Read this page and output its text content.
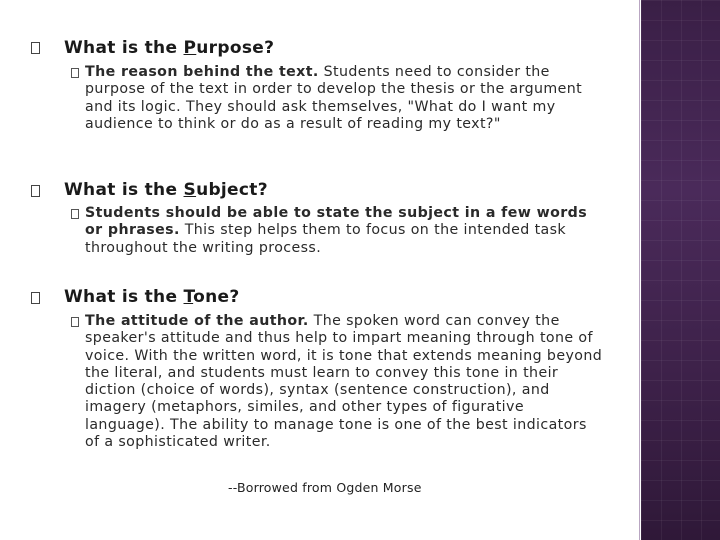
What is the Purpose?
The reason behind the text. Students need to consider the purpose of the text in order to develop the thesis or the argument and its logic. They should ask themselves, "What do I want my audience to think or do as a result of reading my text?"
What is the Subject?
Students should be able to state the subject in a few words or phrases. This step helps them to focus on the intended task throughout the writing process.
What is the Tone?
The attitude of the author. The spoken word can convey the speaker's attitude and thus help to impart meaning through tone of voice. With the written word, it is tone that extends meaning beyond the literal, and students must learn to convey this tone in their diction (choice of words), syntax (sentence construction), and imagery (metaphors, similes, and other types of figurative language). The ability to manage tone is one of the best indicators of a sophisticated writer.
--Borrowed from Ogden Morse
